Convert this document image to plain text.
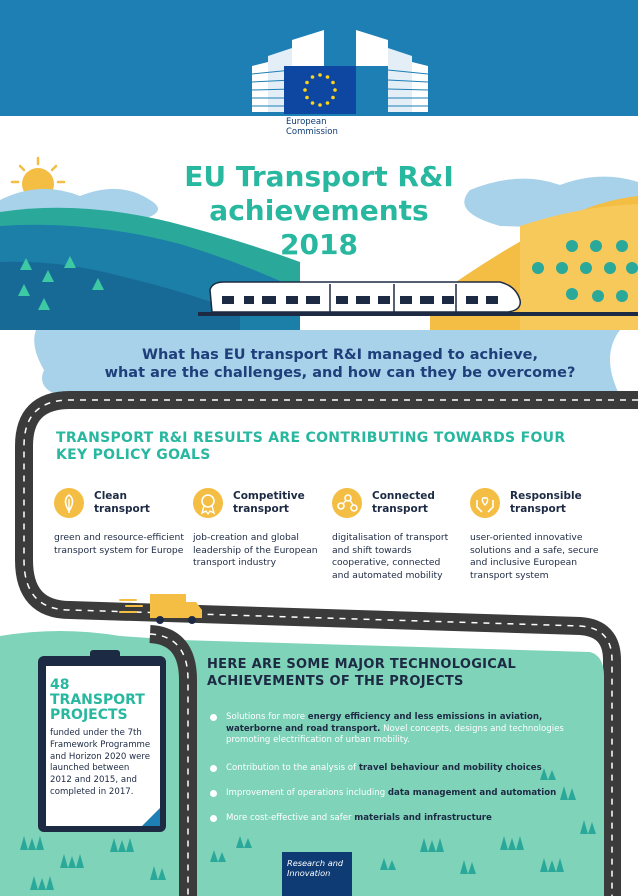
European
Commission
EU Transport R&I
achievements
2018
What has EU transport R&I managed to achieve,
what are the challenges, and how can they be overcome?
TRANSPORT R&I RESULTS ARE CONTRIBUTING TOWARDS FOUR
KEY POLICY GOALS
Clean
transport
green and resource-efficient
transport system for Europe
Competitive
transport
job-creation and global
leadership of the European
transport industry
Connected
transport
digitalisation of transport
and shift towards
cooperative, connected
and automated mobility
Responsible
transport
user-oriented innovative
solutions and a safe, secure
and inclusive European
transport system
48
TRANSPORT
PROJECTS
funded under the 7th
Framework Programme
and Horizon 2020 were
launched between
2012 and 2015, and
completed in 2017.
HERE ARE SOME MAJOR TECHNOLOGICAL
ACHIEVEMENTS OF THE PROJECTS
Solutions for more energy efficiency and less emissions in aviation,
waterborne and road transport. Novel concepts, designs and technologies
promoting electrification of urban mobility.
Contribution to the analysis of travel behaviour and mobility choices
Improvement of operations including data management and automation
More cost-effective and safer materials and infrastructure
Research and
Innovation
